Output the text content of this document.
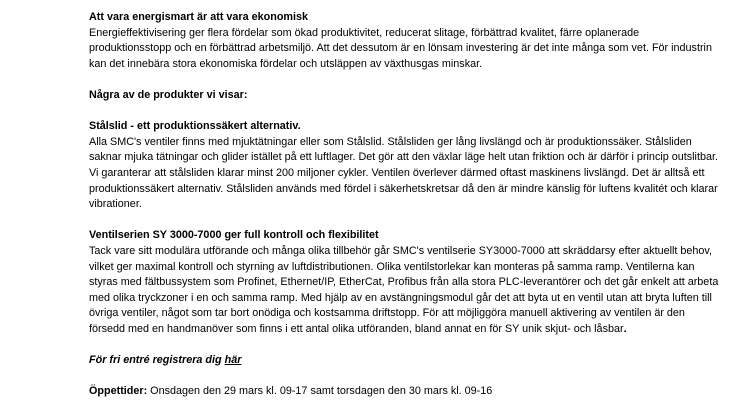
Att vara energismart är att vara ekonomisk
Energieffektivisering ger flera fördelar som ökad produktivitet, reducerat slitage, förbättrad kvalitet, färre oplanerade produktionsstopp och en förbättrad arbetsmiljö. Att det dessutom är en lönsam investering är det inte många som vet. För industrin kan det innebära stora ekonomiska fördelar och utsläppen av växthusgas minskar.
Några av de produkter vi visar:
Stålslid - ett produktionssäkert alternativ.
Alla SMC's ventiler finns med mjuktätningar eller som Stålslid. Stålsliden ger lång livslängd och är produktionssäker. Stålsliden saknar mjuka tätningar och glider istället på ett luftlager. Det gör att den växlar läge helt utan friktion och är därför i princip outslitbar. Vi garanterar att stålsliden klarar minst 200 miljoner cykler. Ventilen överlever därmed oftast maskinens livslängd. Det är alltså ett produktionssäkert alternativ. Stålsliden används med fördel i säkerhetskretsar då den är mindre känslig för luftens kvalitét och klarar vibrationer.
Ventilserien SY 3000-7000 ger full kontroll och flexibilitet
Tack vare sitt modulära utförande och många olika tillbehör går SMC's ventilserie SY3000-7000 att skräddarsy efter aktuellt behov, vilket ger maximal kontroll och styrning av luftdistributionen. Olika ventilstorlekar kan monteras på samma ramp. Ventilerna kan styras med fältbussystem som Profinet, Ethernet/IP, EtherCat, Profibus från alla stora PLC-leverantörer och det går enkelt att arbeta med olika tryckzoner i en och samma ramp. Med hjälp av en avstängningsmodul går det att byta ut en ventil utan att bryta luften till övriga ventiler, något som tar bort onödiga och kostsamma driftstopp. För att möjliggöra manuell aktivering av ventilen är den försedd med en handmanöver som finns i ett antal olika utföranden, bland annat en för SY unik skjut- och låsbar.
För fri entré registrera dig här
Öppettider: Onsdagen den 29 mars kl. 09-17 samt torsdagen den 30 mars kl. 09-16
